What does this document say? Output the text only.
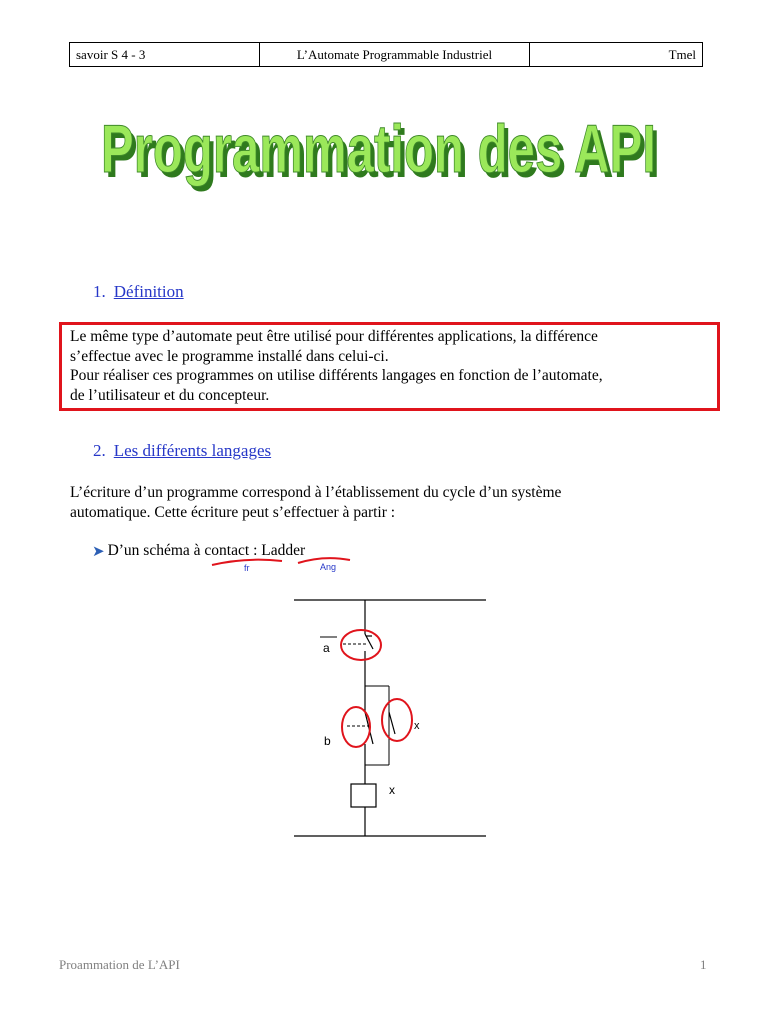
savoir S 4 - 3	L’Automate Programmable Industriel	Tmel
Programmation des API
Programmation des API
1. Définition
Le même type d’automate peut être utilisé pour différentes applications, la différence
s’effectue avec le programme installé dans celui-ci.
Pour réaliser ces programmes on utilise différents langages en fonction de l’automate,
de l’utilisateur et du concepteur.
2. Les différents langages
L’écriture d’un programme correspond à l’établissement du cycle d’un système
automatique. Cette écriture peut s’effectuer à partir :
➤ D’un schéma à contact : Ladder
fr	Ang
a
b
x
x
Proammation de L’API	1
